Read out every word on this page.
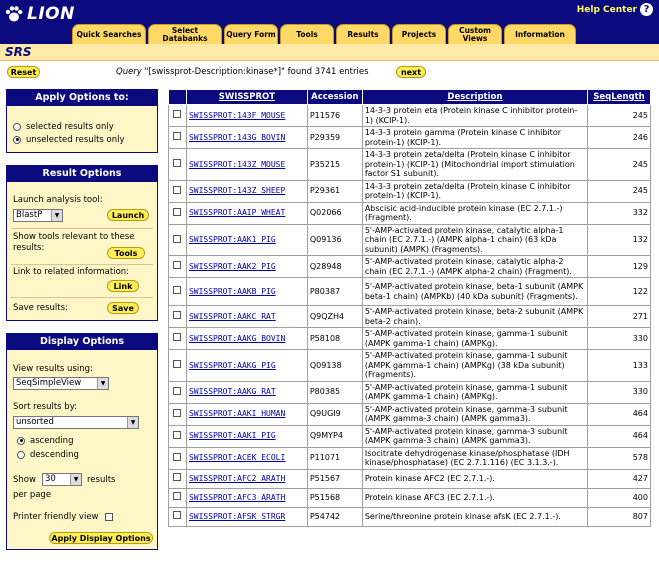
LION	Help Center ?
Quick Searches	Select Databanks	Query Form	Tools	Results	Projects	Custom Views	Information
SRS
Reset	Query "[swissprot-Description:kinase*]" found 3741 entries	next
Apply Options to:
selected results only
unselected results only
Result Options
Launch analysis tool:
BlastP	▼	Launch
Show tools relevant to these results:	Tools
Link to related information:
Link
Save results:	Save
Display Options
View results using:
SeqSimpleView	▼
Sort results by:
unsorted	▼
ascending
descending
Show	30	▼	results
per page
Printer friendly view
Apply Display Options
	SWISSPROT	Accession	Description	SeqLength
	SWISSPROT:143F_MOUSE	P11576	14-3-3 protein eta (Protein kinase C inhibitor protein-1) (KCIP-1).	245
	SWISSPROT:143G_BOVIN	P29359	14-3-3 protein gamma (Protein kinase C inhibitor protein-1) (KCIP-1).	246
	SWISSPROT:143Z_MOUSE	P35215	14-3-3 protein zeta/delta (Protein kinase C inhibitor protein-1) (KCIP-1) (Mitochondrial import stimulation factor S1 subunit).	245
	SWISSPROT:143Z_SHEEP	P29361	14-3-3 protein zeta/delta (Protein kinase C inhibitor protein-1) (KCIP-1).	245
	SWISSPROT:AAIP_WHEAT	Q02066	Abscisic acid-inducible protein kinase (EC 2.7.1.-) (Fragment).	332
	SWISSPROT:AAK1_PIG	Q09136	5'-AMP-activated protein kinase, catalytic alpha-1 chain (EC 2.7.1.-) (AMPK alpha-1 chain) (63 kDa subunit) (AMPK) (Fragments).	132
	SWISSPROT:AAK2_PIG	Q28948	5'-AMP-activated protein kinase, catalytic alpha-2 chain (EC 2.7.1.-) (AMPK alpha-2 chain) (Fragment).	129
	SWISSPROT:AAKB_PIG	P80387	5'-AMP-activated protein kinase, beta-1 subunit (AMPK beta-1 chain) (AMPKb) (40 kDa subunit) (Fragments).	122
	SWISSPROT:AAKC_RAT	Q9QZH4	5'-AMP-activated protein kinase, beta-2 subunit (AMPK beta-2 chain).	271
	SWISSPROT:AAKG_BOVIN	P58108	5'-AMP-activated protein kinase, gamma-1 subunit (AMPK gamma-1 chain) (AMPKg).	330
	SWISSPROT:AAKG_PIG	Q09138	5'-AMP-activated protein kinase, gamma-1 subunit (AMPK gamma-1 chain) (AMPKg) (38 kDa subunit) (Fragments).	133
	SWISSPROT:AAKG_RAT	P80385	5'-AMP-activated protein kinase, gamma-1 subunit (AMPK gamma-1 chain) (AMPKg).	330
	SWISSPROT:AAKI_HUMAN	Q9UGI9	5'-AMP-activated protein kinase, gamma-3 subunit (AMPK gamma-3 chain) (AMPK gamma3).	464
	SWISSPROT:AAKI_PIG	Q9MYP4	5'-AMP-activated protein kinase, gamma-3 subunit (AMPK gamma-3 chain) (AMPK gamma3).	464
	SWISSPROT:ACEK_ECOLI	P11071	Isocitrate dehydrogenase kinase/phosphatase (IDH kinase/phosphatase) (EC 2.7.1.116) (EC 3.1.3.-).	578
	SWISSPROT:AFC2_ARATH	P51567	Protein kinase AFC2 (EC 2.7.1.-).	427
	SWISSPROT:AFC3_ARATH	P51568	Protein kinase AFC3 (EC 2.7.1.-).	400
	SWISSPROT:AFSK_STRGR	P54742	Serine/threonine protein kinase afsK (EC 2.7.1.-).	807
